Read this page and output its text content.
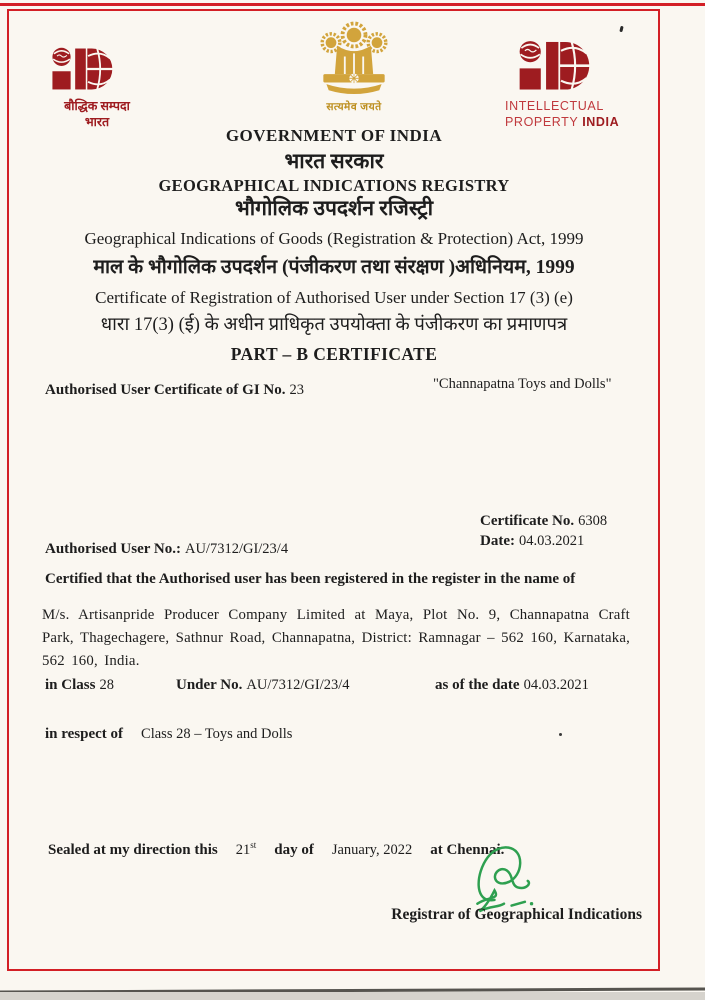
बौद्धिक सम्पदा
भारत
सत्यमेव जयते	INTELLECTUAL
PROPERTY INDIA
GOVERNMENT OF INDIA
भारत सरकार
GEOGRAPHICAL INDICATIONS REGISTRY
भौगोलिक उपदर्शन रजिस्ट्री
Geographical Indications of Goods (Registration & Protection) Act, 1999
माल के भौगोलिक उपदर्शन (पंजीकरण तथा संरक्षण )अधिनियम, 1999
Certificate of Registration of Authorised User under Section 17 (3) (e)
धारा 17(3) (ई) के अधीन प्राधिकृत उपयोक्ता के पंजीकरण का प्रमाणपत्र
PART – B CERTIFICATE
Authorised User Certificate of GI No. 23	"Channapatna Toys and Dolls"
Certificate No. 6308
Date: 04.03.2021
Authorised User No.: AU/7312/GI/23/4
Certified that the Authorised user has been registered in the register in the name of
M/s. Artisanpride Producer Company Limited at Maya, Plot No. 9, Channapatna Craft Park, Thagechagere, Sathnur Road, Channapatna, District: Ramnagar – 562 160, Karnataka, 562 160, India.
in Class 28	Under No. AU/7312/GI/23/4	as of the date 04.03.2021
in respect of Class 28 – Toys and Dolls
Sealed at my direction this 21st day of January, 2022 at Chennai.
Registrar of Geographical Indications
